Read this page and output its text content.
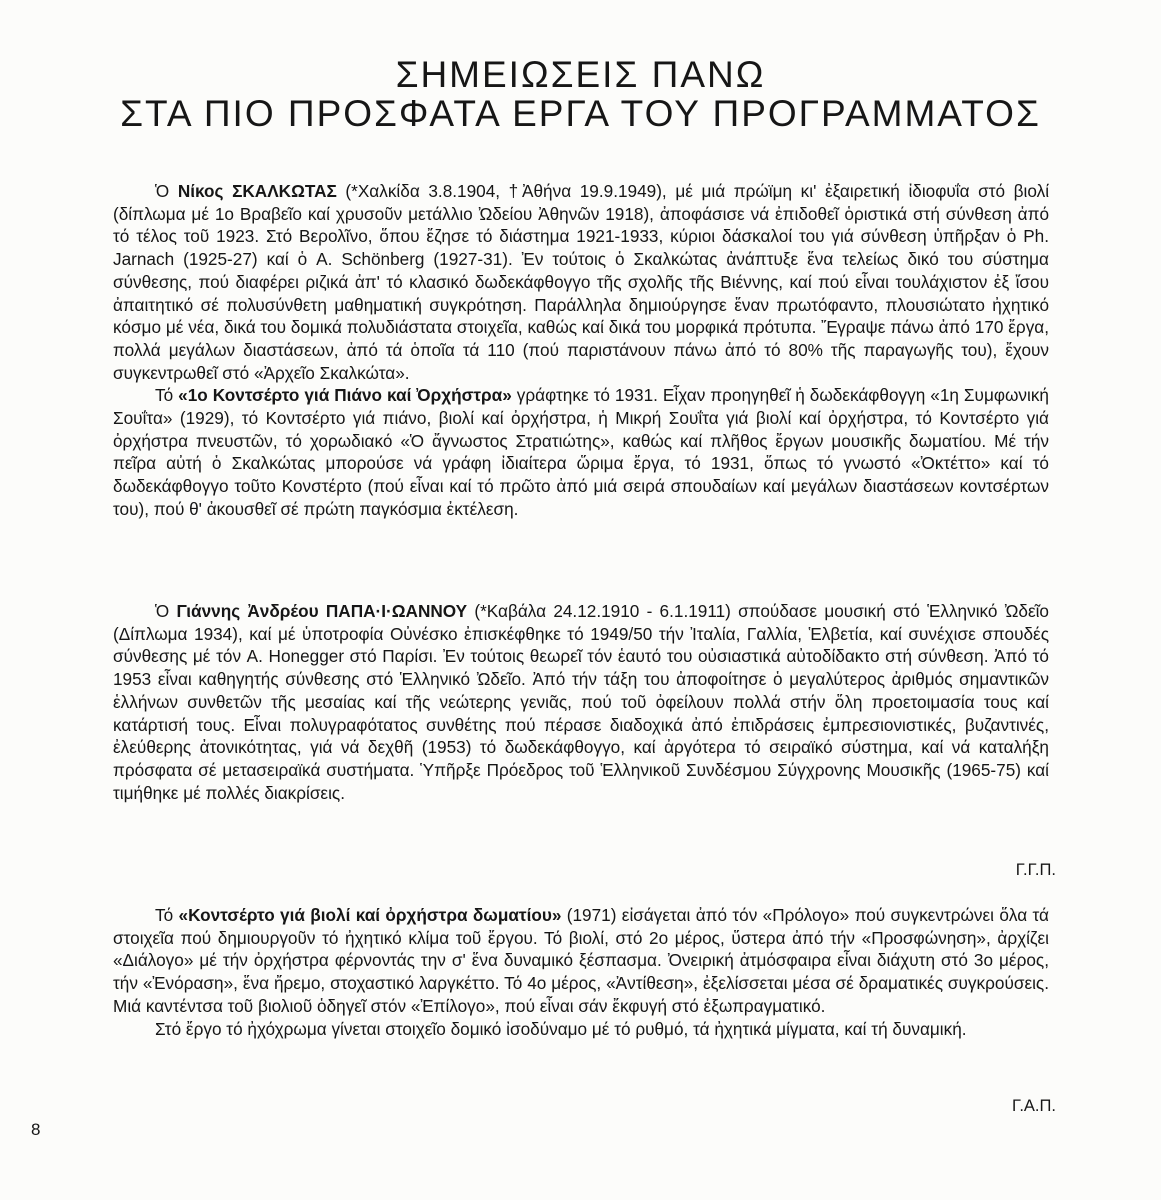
ΣΗΜΕΙΩΣΕΙΣ ΠΑΝΩ
ΣΤΑ ΠΙΟ ΠΡΟΣΦΑΤΑ ΕΡΓΑ ΤΟΥ ΠΡΟΓΡΑΜΜΑΤΟΣ

Ὁ Νίκος ΣΚΑΛΚΩΤΑΣ (*Χαλκίδα 3.8.1904, †Ἀθήνα 19.9.1949), μέ μιά πρώϊμη κι' ἐξαιρετική ἰδιοφυΐα στό βιολί (δίπλωμα μέ 1ο Βραβεῖο καί χρυσοῦν μετάλλιο Ὠδείου Ἀθηνῶν 1918), ἀποφάσισε νά ἐπιδοθεῖ ὁριστικά στή σύνθεση ἀπό τό τέλος τοῦ 1923. Στό Βερολῖνο, ὅπου ἔζησε τό διάστημα 1921-1933, κύριοι δάσκαλοί του γιά σύνθεση ὑπῆρξαν ὁ Ph. Jarnach (1925-27) καί ὁ A. Schönberg (1927-31). Ἐν τούτοις ὁ Σκαλκώτας ἀνάπτυξε ἕνα τελείως δικό του σύστημα σύνθεσης, πού διαφέρει ριζικά ἀπ' τό κλασικό δωδεκάφθογγο τῆς σχολῆς τῆς Βιέννης, καί πού εἶναι τουλάχιστον ἐξ ἴσου ἀπαιτητικό σέ πολυσύνθετη μαθηματική συγκρότηση. Παράλληλα δημιούργησε ἕναν πρωτόφαντο, πλουσιώτατο ἠχητικό κόσμο μέ νέα, δικά του δομικά πολυδιάστατα στοιχεῖα, καθώς καί δικά του μορφικά πρότυπα. Ἔγραψε πάνω ἀπό 170 ἔργα, πολλά μεγάλων διαστάσεων, ἀπό τά ὁποῖα τά 110 (πού παριστάνουν πάνω ἀπό τό 80% τῆς παραγωγῆς του), ἔχουν συγκεντρωθεῖ στό «Ἀρχεῖο Σκαλκώτα».

Τό «1ο Κοντσέρτο γιά Πιάνο καί Ὀρχήστρα» γράφτηκε τό 1931. Εἶχαν προηγηθεῖ ἡ δωδεκάφθογγη «1η Συμφωνική Σουΐτα» (1929), τό Κοντσέρτο γιά πιάνο, βιολί καί ὀρχήστρα, ἡ Μικρή Σουΐτα γιά βιολί καί ὀρχήστρα, τό Κοντσέρτο γιά ὀρχήστρα πνευστῶν, τό χορωδιακό «Ὁ ἄγνωστος Στρατιώτης», καθώς καί πλῆθος ἔργων μουσικῆς δωματίου. Μέ τήν πεῖρα αὐτή ὁ Σκαλκώτας μπορούσε νά γράφη ἰδιαίτερα ὥριμα ἔργα, τό 1931, ὅπως τό γνωστό «Ὀκτέττο» καί τό δωδεκάφθογγο τοῦτο Κονστέρτο (πού εἶναι καί τό πρῶτο ἀπό μιά σειρά σπουδαίων καί μεγάλων διαστάσεων κοντσέρτων του), πού θ' ἀκουσθεῖ σέ πρώτη παγκόσμια ἐκτέλεση.

Ὁ Γιάννης Ἀνδρέου ΠΑΠΑ·Ι·ΩΑΝΝΟΥ (*Καβάλα 24.12.1910 - 6.1.1911) σπούδασε μουσική στό Ἑλληνικό Ὠδεῖο (Δίπλωμα 1934), καί μέ ὑποτροφία Οὐνέσκο ἐπισκέφθηκε τό 1949/50 τήν Ἰταλία, Γαλλία, Ἑλβετία, καί συνέχισε σπουδές σύνθεσης μέ τόν A. Honegger στό Παρίσι. Ἐν τούτοις θεωρεῖ τόν ἑαυτό του οὐσιαστικά αὐτοδίδακτο στή σύνθεση. Ἀπό τό 1953 εἶναι καθηγητής σύνθεσης στό Ἑλληνικό Ὠδεῖο. Ἀπό τήν τάξη του ἀποφοίτησε ὁ μεγαλύτερος ἀριθμός σημαντικῶν ἑλλήνων συνθετῶν τῆς μεσαίας καί τῆς νεώτερης γενιᾶς, πού τοῦ ὀφείλουν πολλά στήν ὅλη προετοιμασία τους καί κατάρτισή τους. Εἶναι πολυγραφότατος συνθέτης πού πέρασε διαδοχικά ἀπό ἐπιδράσεις ἐμπρεσιονιστικές, βυζαντινές, ἐλεύθερης ἀτονικότητας, γιά νά δεχθῆ (1953) τό δωδεκάφθογγο, καί ἀργότερα τό σειραϊκό σύστημα, καί νά καταλήξη πρόσφατα σέ μετασειραϊκά συστήματα. Ὑπῆρξε Πρόεδρος τοῦ Ἑλληνικοῦ Συνδέσμου Σύγχρονης Μουσικῆς (1965-75) καί τιμήθηκε μέ πολλές διακρίσεις.

Γ.Γ.Π.

Τό «Κοντσέρτο γιά βιολί καί ὀρχήστρα δωματίου» (1971) εἰσάγεται ἀπό τόν «Πρόλογο» πού συγκεντρώνει ὅλα τά στοιχεῖα πού δημιουργοῦν τό ἠχητικό κλίμα τοῦ ἔργου. Τό βιολί, στό 2ο μέρος, ὕστερα ἀπό τήν «Προσφώνηση», ἀρχίζει «Διάλογο» μέ τήν ὀρχήστρα φέρνοντάς την σ' ἕνα δυναμικό ξέσπασμα. Ὀνειρική ἀτμόσφαιρα εἶναι διάχυτη στό 3ο μέρος, τήν «Ἐνόραση», ἕνα ἤρεμο, στοχαστικό λαργκέττο. Τό 4ο μέρος, «Ἀντίθεση», ἐξελίσσεται μέσα σέ δραματικές συγκρούσεις. Μιά καντέντσα τοῦ βιολιοῦ ὁδηγεῖ στόν «Ἐπίλογο», πού εἶναι σάν ἔκφυγή στό ἐξωπραγματικό.

Στό ἔργο τό ἠχόχρωμα γίνεται στοιχεῖο δομικό ἰσοδύναμο μέ τό ρυθμό, τά ἠχητικά μίγματα, καί τή δυναμική.

Γ.Α.Π.
8
